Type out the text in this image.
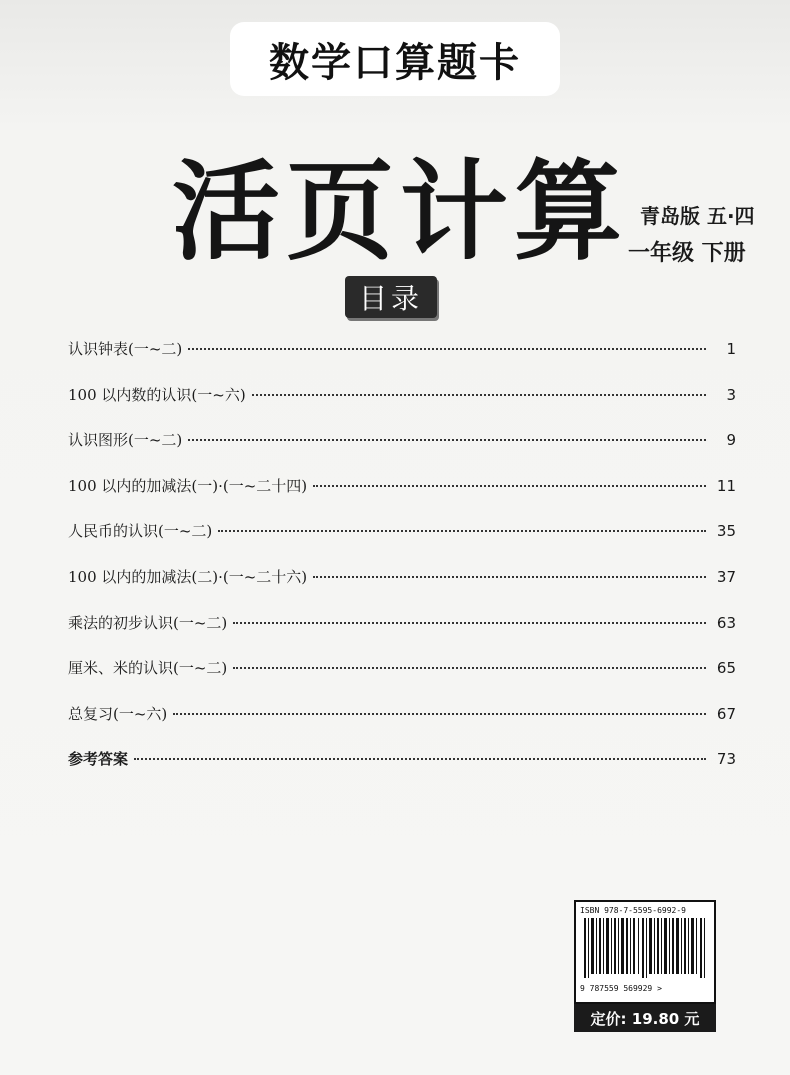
数学口算题卡
活页计算 青岛版 五·四
一年级 下册
目录
认识钟表(一~二)	1
100 以内数的认识(一~六)	3
认识图形(一~二)	9
100 以内的加减法(一)·(一~二十四)	11
人民币的认识(一~二)	35
100 以内的加减法(二)·(一~二十六)	37
乘法的初步认识(一~二)	63
厘米、米的认识(一~二)	65
总复习(一~六)	67
参考答案	73
ISBN 978-7-5595-6992-9
9 787559 569929 >
定价: 19.80 元
